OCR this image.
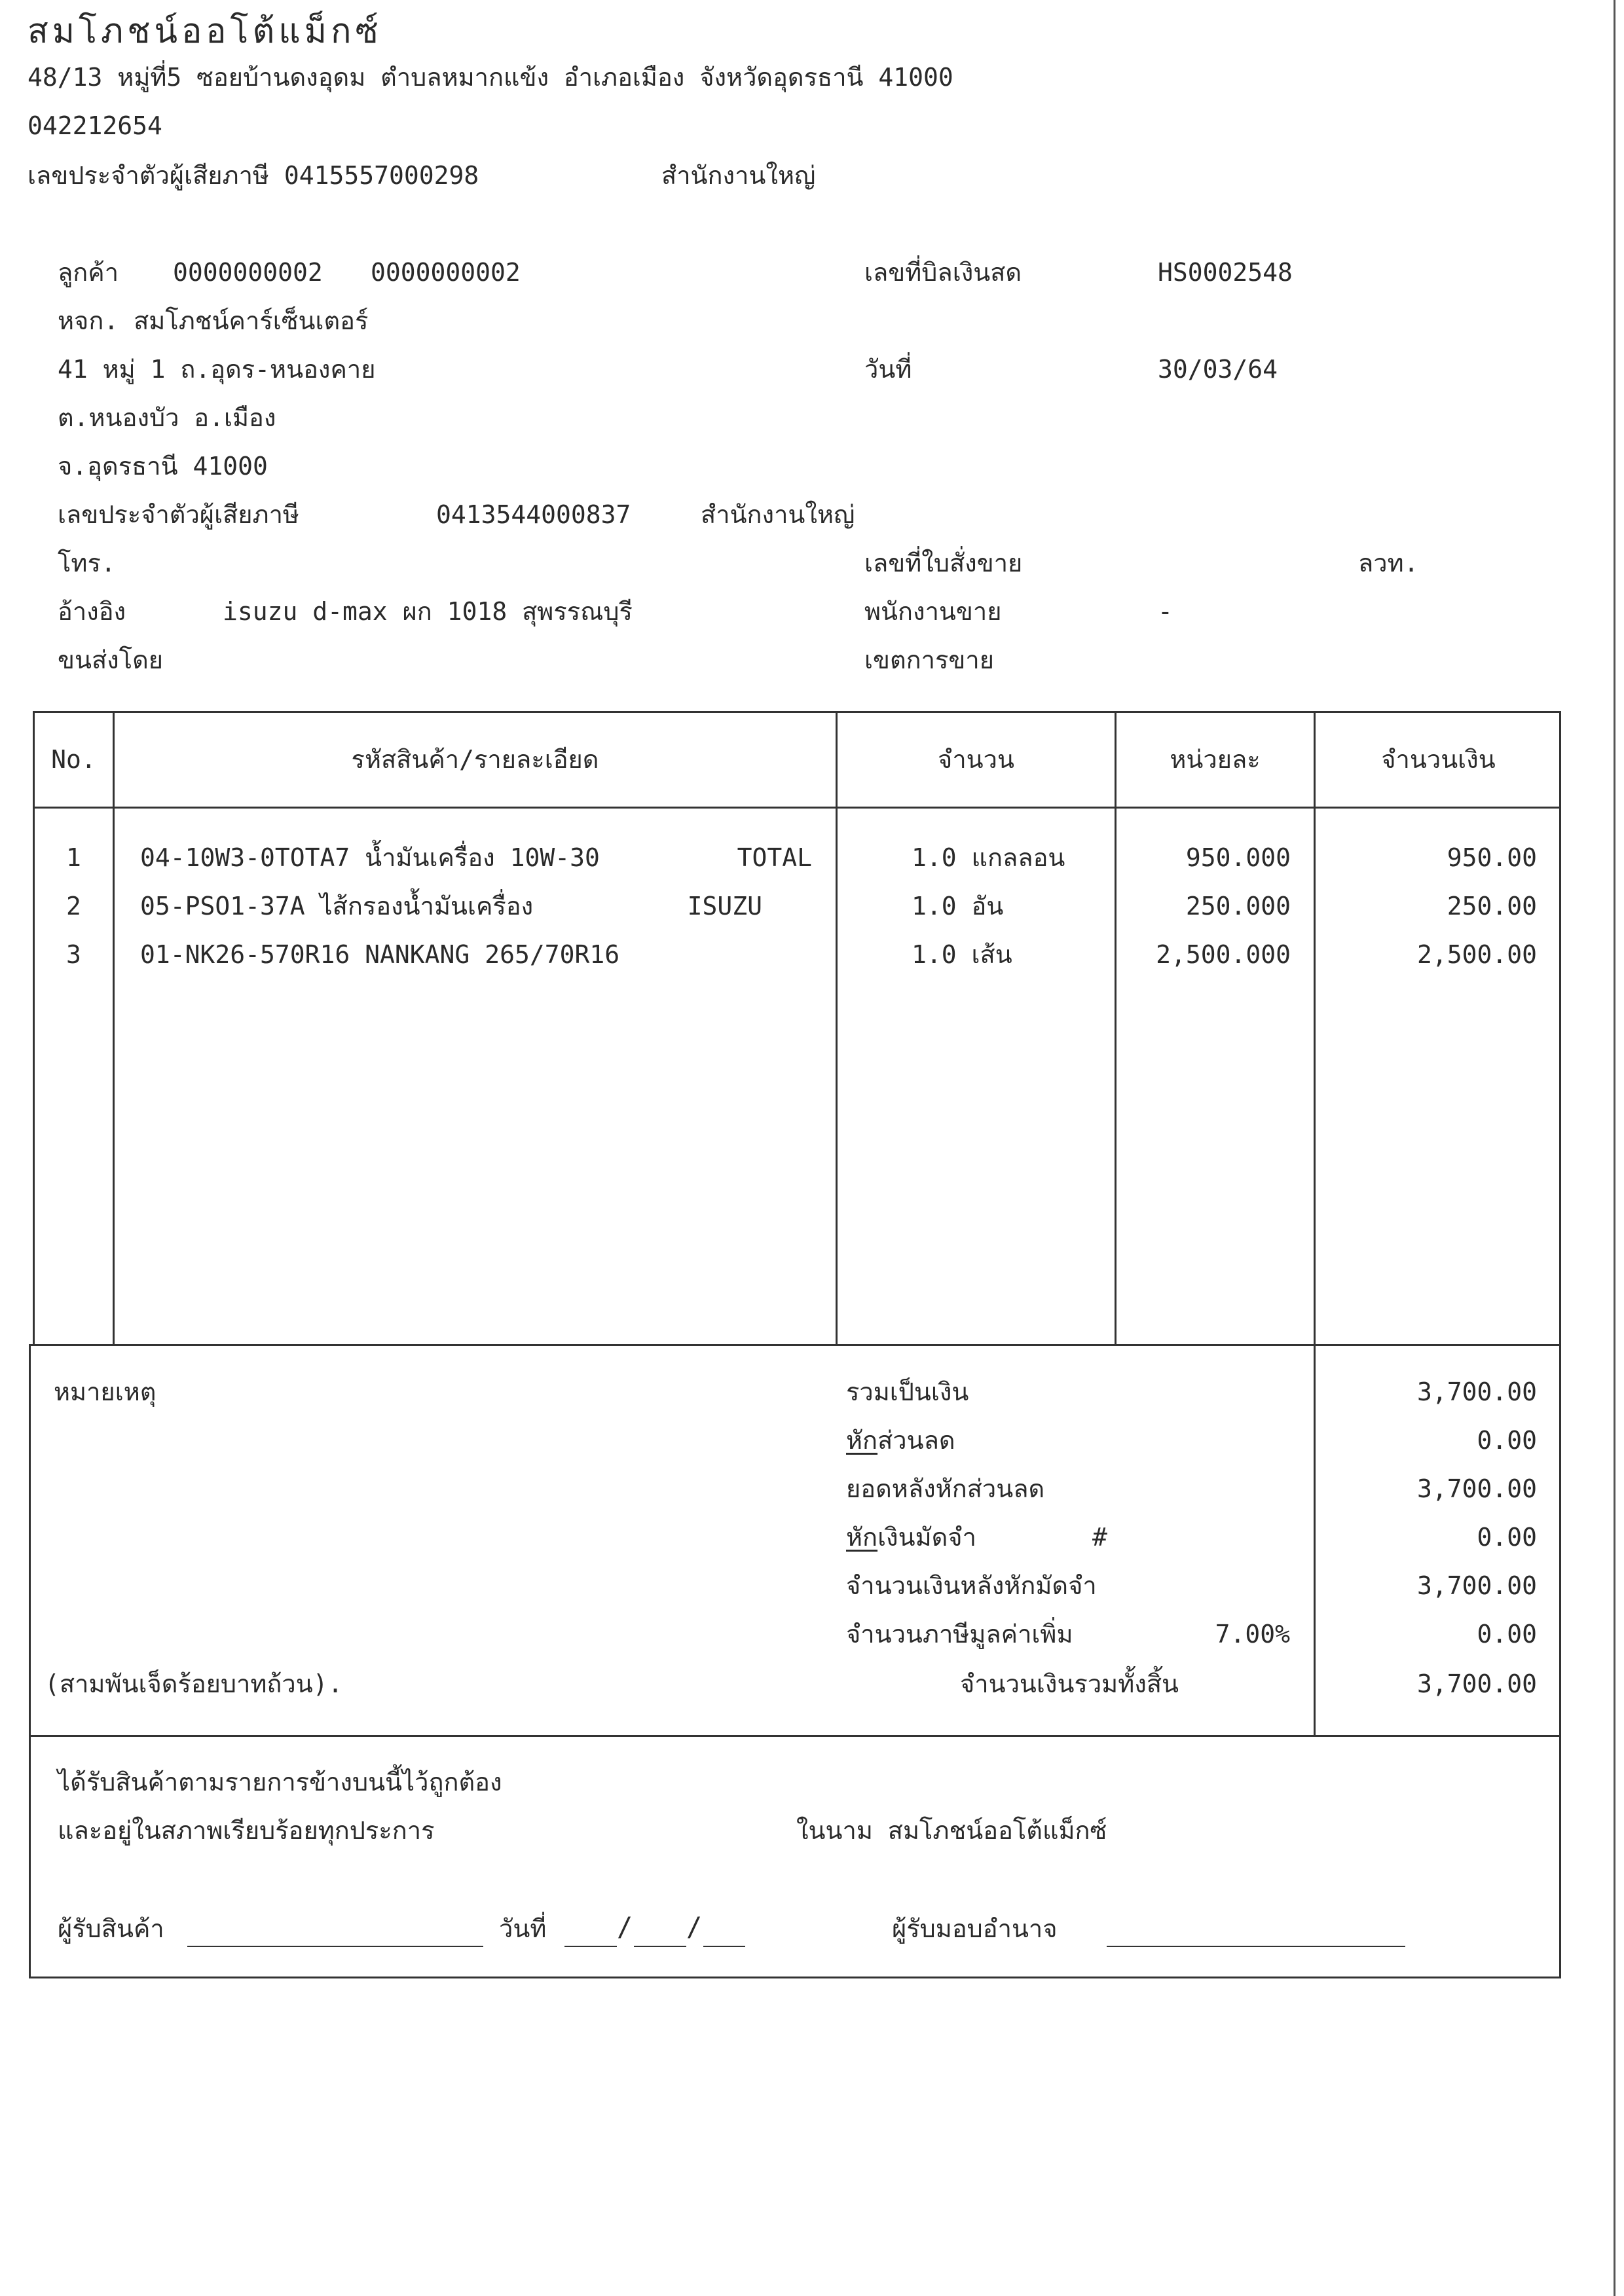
สมโภชน์ออโต้แม็กซ์
48/13 หมู่ที่5 ซอยบ้านดงอุดม ตำบลหมากแข้ง อำเภอเมือง จังหวัดอุดรธานี 41000
042212654
เลขประจำตัวผู้เสียภาษี 0415557000298	สำนักงานใหญ่
ลูกค้า 0000000002 0000000002
หจก. สมโภชน์คาร์เซ็นเตอร์
41 หมู่ 1 ถ.อุดร-หนองคาย
ต.หนองบัว อ.เมือง
จ.อุดรธานี 41000
เลขประจำตัวผู้เสียภาษี	0413544000837	สำนักงานใหญ่
โทร.
อ้างอิง	isuzu d-max ผก 1018 สุพรรณบุรี
ขนส่งโดย
เลขที่บิลเงินสด	HS0002548
วันที่	30/03/64
เลขที่ใบสั่งขาย	ลวท.
พนักงานขาย	-
เขตการขาย
No.	รหัสสินค้า/รายละเอียด	จำนวน	หน่วยละ	จำนวนเงิน
1	04-10W3-0TOTA7 น้ำมันเครื่อง 10W-30	TOTAL	1.0 แกลลอน	950.000	950.00
2	05-PSO1-37A ไส้กรองน้ำมันเครื่อง	ISUZU	1.0 อัน	250.000	250.00
3	01-NK26-570R16 NANKANG 265/70R16	1.0 เส้น	2,500.000	2,500.00
หมายเหตุ	รวมเป็นเงิน	3,700.00
หักส่วนลด	0.00
ยอดหลังหักส่วนลด	3,700.00
หักเงินมัดจำ	#	0.00
จำนวนเงินหลังหักมัดจำ	3,700.00
จำนวนภาษีมูลค่าเพิ่ม	7.00%	0.00
(สามพันเจ็ดร้อยบาทถ้วน).	จำนวนเงินรวมทั้งสิ้น	3,700.00
ได้รับสินค้าตามรายการข้างบนนี้ไว้ถูกต้อง
และอยู่ในสภาพเรียบร้อยทุกประการ	ในนาม สมโภชน์ออโต้แม็กซ์
ผู้รับสินค้า	วันที่	/ /	ผู้รับมอบอำนาจ
